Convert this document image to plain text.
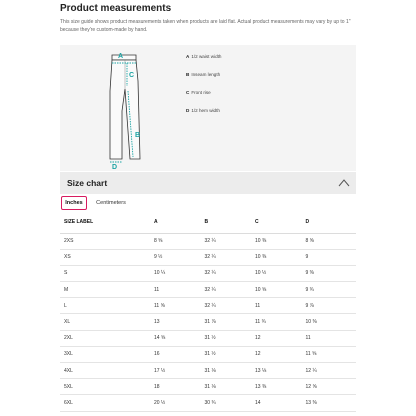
Product measurements

This size guide shows product measurements taken when products are laid flat. Actual product measurements may vary by up to 1" because they're custom-made by hand.

A
C
B
D
A 1/2 waist width
B Inseam length
C Front rise
D 1/2 hem width
Size chart
Inches	Centimeters
SIZE LABEL	A	B	C	D
2XS	8 ⅝	32 ¼	10 ⅜	8 ⅝
XS	9 ½	32 ¼	10 ⅜	9
S	10 ¼	32 ¼	10 ½	9 ⅜
M	11	32 ¼	10 ⅝	9 ¾
L	11 ⅝	32 ¼	11	9 ⅞
XL	13	31 ⅞	11 ¾	10 ⅜
2XL	14 ⅝	31 ½	12	11
3XL	16	31 ½	12	11 ⅝
4XL	17 ½	31 ⅛	13 ⅛	12 ¼
5XL	18	31 ⅛	13 ⅜	12 ⅝
6XL	20 ½	30 ¾	14	13 ⅜
